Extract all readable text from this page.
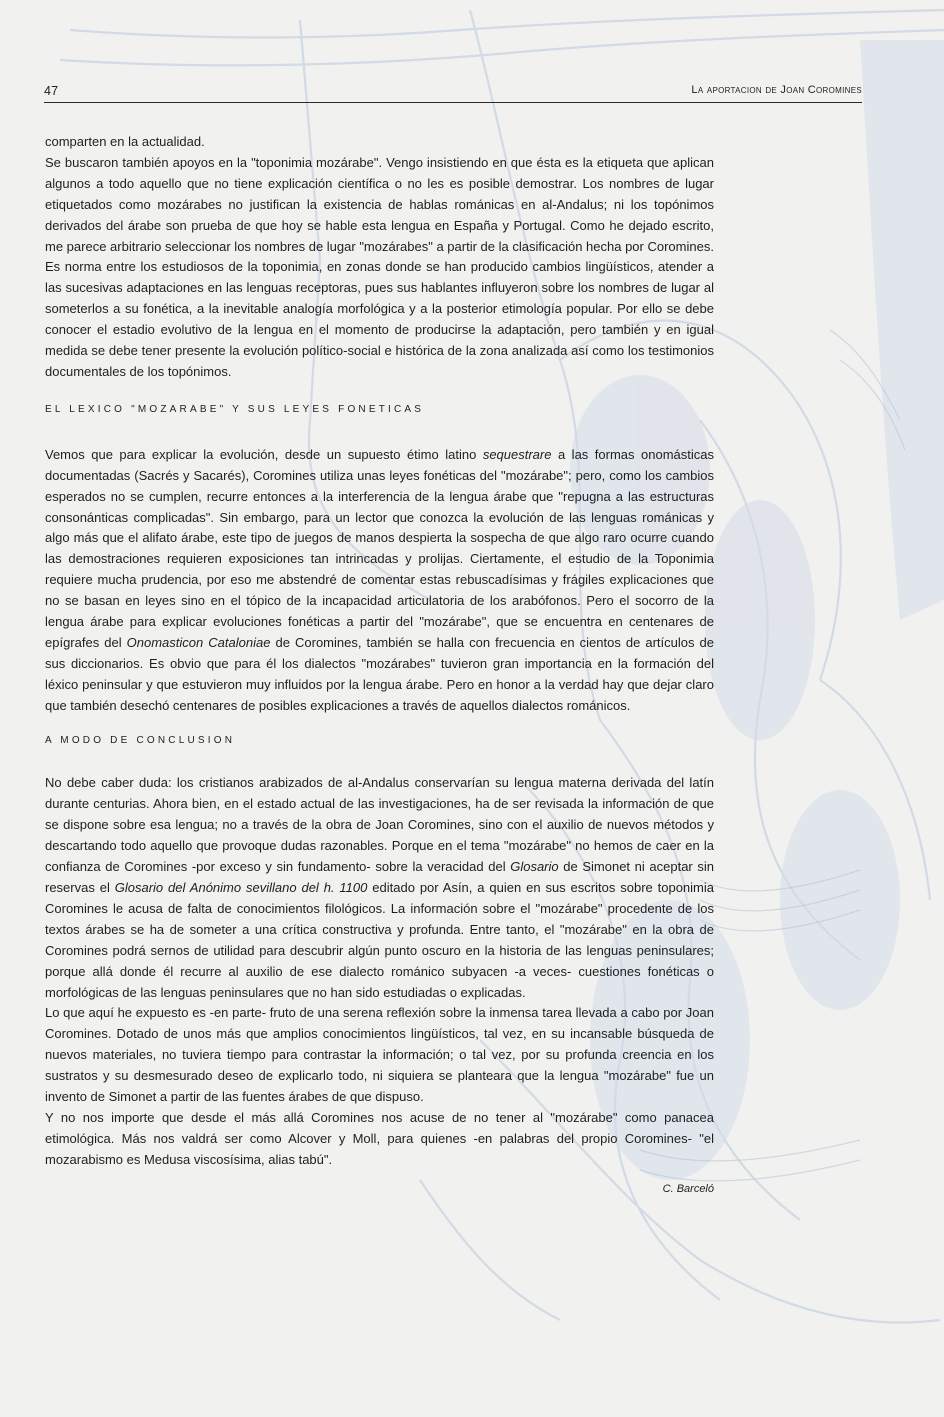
47	La aportacion de Joan Coromines

comparten en la actualidad.

Se buscaron también apoyos en la "toponimia mozárabe". Vengo insistiendo en que ésta es la etiqueta que aplican algunos a todo aquello que no tiene explicación científica o no les es posible demostrar. Los nombres de lugar etiquetados como mozárabes no justifican la existencia de hablas románicas en al-Andalus; ni los topónimos derivados del árabe son prueba de que hoy se hable esta lengua en España y Portugal. Como he dejado escrito, me parece arbitrario seleccionar los nombres de lugar "mozárabes" a partir de la clasificación hecha por Coromines.

Es norma entre los estudiosos de la toponimia, en zonas donde se han producido cambios lingüísticos, atender a las sucesivas adaptaciones en las lenguas receptoras, pues sus hablantes influyeron sobre los nombres de lugar al someterlos a su fonética, a la inevitable analogía morfológica y a la posterior etimología popular. Por ello se debe conocer el estadio evolutivo de la lengua en el momento de producirse la adaptación, pero también y en igual medida se debe tener presente la evolución político-social e histórica de la zona analizada así como los testimonios documentales de los topónimos.

EL LEXICO "MOZARABE" Y SUS LEYES FONETICAS

Vemos que para explicar la evolución, desde un supuesto étimo latino sequestrare a las formas onomásticas documentadas (Sacrés y Sacarés), Coromines utiliza unas leyes fonéticas del "mozárabe"; pero, como los cambios esperados no se cumplen, recurre entonces a la interferencia de la lengua árabe que "repugna a las estructuras consonánticas complicadas". Sin embargo, para un lector que conozca la evolución de las lenguas románicas y algo más que el alifato árabe, este tipo de juegos de manos despierta la sospecha de que algo raro ocurre cuando las demostraciones requieren exposiciones tan intrincadas y prolijas. Ciertamente, el estudio de la Toponimia requiere mucha prudencia, por eso me abstendré de comentar estas rebuscadísimas y frágiles explicaciones que no se basan en leyes sino en el tópico de la incapacidad articulatoria de los arabófonos. Pero el socorro de la lengua árabe para explicar evoluciones fonéticas a partir del "mozárabe", que se encuentra en centenares de epígrafes del Onomasticon Cataloniae de Coromines, también se halla con frecuencia en cientos de artículos de sus diccionarios. Es obvio que para él los dialectos "mozárabes" tuvieron gran importancia en la formación del léxico peninsular y que estuvieron muy influidos por la lengua árabe. Pero en honor a la verdad hay que dejar claro que también desechó centenares de posibles explicaciones a través de aquellos dialectos románicos.

A MODO DE CONCLUSION

No debe caber duda: los cristianos arabizados de al-Andalus conservarían su lengua materna derivada del latín durante centurias. Ahora bien, en el estado actual de las investigaciones, ha de ser revisada la información de que se dispone sobre esa lengua; no a través de la obra de Joan Coromines, sino con el auxilio de nuevos métodos y descartando todo aquello que provoque dudas razonables. Porque en el tema "mozárabe" no hemos de caer en la confianza de Coromines -por exceso y sin fundamento- sobre la veracidad del Glosario de Simonet ni aceptar sin reservas el Glosario del Anónimo sevillano del h. 1100 editado por Asín, a quien en sus escritos sobre toponimia Coromines le acusa de falta de conocimientos filológicos. La información sobre el "mozárabe" procedente de los textos árabes se ha de someter a una crítica constructiva y profunda. Entre tanto, el "mozárabe" en la obra de Coromines podrá sernos de utilidad para descubrir algún punto oscuro en la historia de las lenguas peninsulares; porque allá donde él recurre al auxilio de ese dialecto románico subyacen -a veces- cuestiones fonéticas o morfológicas de las lenguas peninsulares que no han sido estudiadas o explicadas.

Lo que aquí he expuesto es -en parte- fruto de una serena reflexión sobre la inmensa tarea llevada a cabo por Joan Coromines. Dotado de unos más que amplios conocimientos lingüísticos, tal vez, en su incansable búsqueda de nuevos materiales, no tuviera tiempo para contrastar la información; o tal vez, por su profunda creencia en los sustratos y su desmesurado deseo de explicarlo todo, ni siquiera se planteara que la lengua "mozárabe" fue un invento de Simonet a partir de las fuentes árabes de que dispuso.

Y no nos importe que desde el más allá Coromines nos acuse de no tener al "mozárabe" como panacea etimológica. Más nos valdrá ser como Alcover y Moll, para quienes -en palabras del propio Coromines- "el mozarabismo es Medusa viscosísima, alias tabú".

C. Barceló
